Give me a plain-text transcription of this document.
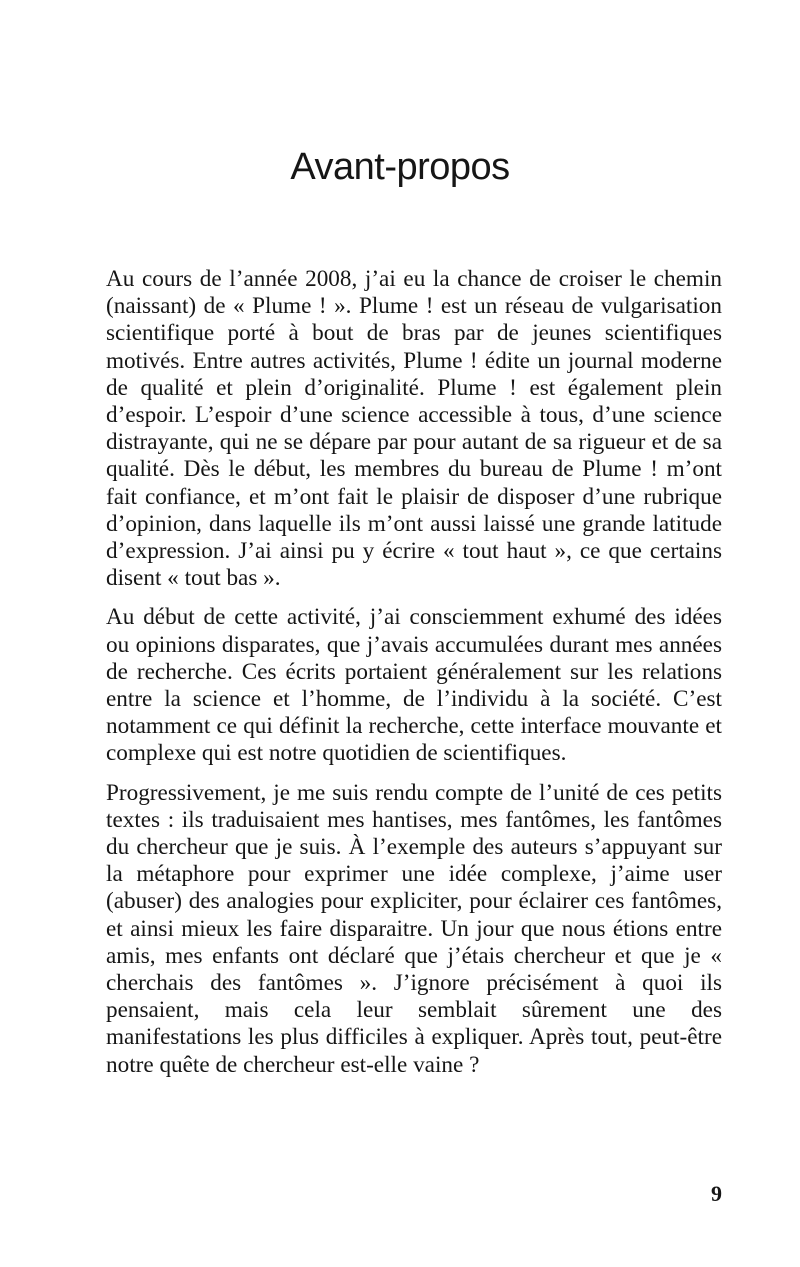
Avant-propos

Au cours de l’année 2008, j’ai eu la chance de croiser le chemin (naissant) de « Plume ! ». Plume ! est un réseau de vulgarisation scientifique porté à bout de bras par de jeunes scientifiques motivés. Entre autres activités, Plume ! édite un journal moderne de qualité et plein d’originalité. Plume ! est également plein d’espoir. L’espoir d’une science accessible à tous, d’une science distrayante, qui ne se dépare par pour autant de sa rigueur et de sa qualité. Dès le début, les membres du bureau de Plume ! m’ont fait confiance, et m’ont fait le plaisir de disposer d’une rubrique d’opinion, dans laquelle ils m’ont aussi laissé une grande latitude d’expression. J’ai ainsi pu y écrire « tout haut », ce que certains disent « tout bas ».

Au début de cette activité, j’ai consciemment exhumé des idées ou opinions disparates, que j’avais accumulées durant mes années de recherche. Ces écrits portaient généralement sur les relations entre la science et l’homme, de l’individu à la société. C’est notamment ce qui définit la recherche, cette interface mouvante et complexe qui est notre quotidien de scientifiques.

Progressivement, je me suis rendu compte de l’unité de ces petits textes : ils traduisaient mes hantises, mes fantômes, les fantômes du chercheur que je suis. À l’exemple des auteurs s’appuyant sur la métaphore pour exprimer une idée complexe, j’aime user (abuser) des analogies pour expliciter, pour éclairer ces fantômes, et ainsi mieux les faire disparaitre. Un jour que nous étions entre amis, mes enfants ont déclaré que j’étais chercheur et que je « cherchais des fantômes ». J’ignore précisément à quoi ils pensaient, mais cela leur semblait sûrement une des manifestations les plus difficiles à expliquer. Après tout, peut-être notre quête de chercheur est-elle vaine ?

9
